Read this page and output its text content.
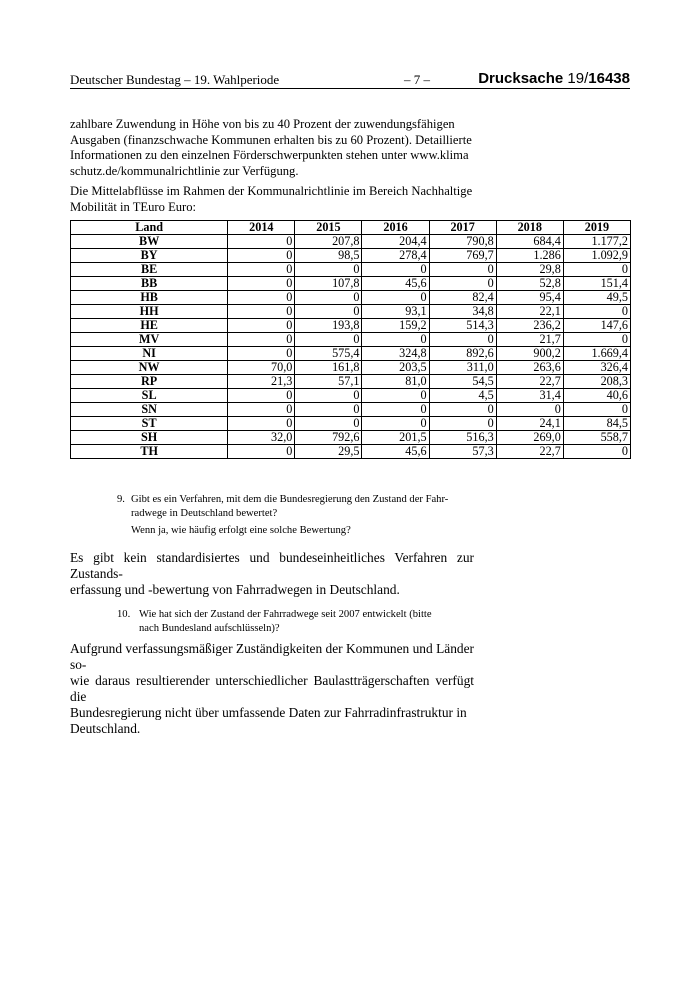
Deutscher Bundestag – 19. Wahlperiode	– 7 –	Drucksache 19/16438
zahlbare Zuwendung in Höhe von bis zu 40 Prozent der zuwendungsfähigen
Ausgaben (finanzschwache Kommunen erhalten bis zu 60 Prozent). Detaillierte
Informationen zu den einzelnen Förderschwerpunkten stehen unter www.klima
schutz.de/kommunalrichtlinie zur Verfügung.
Die Mittelabflüsse im Rahmen der Kommunalrichtlinie im Bereich Nachhaltige
Mobilität in TEuro Euro:
Land	2014	2015	2016	2017	2018	2019
BW	0	207,8	204,4	790,8	684,4	1.177,2
BY	0	98,5	278,4	769,7	1.286	1.092,9
BE	0	0	0	0	29,8	0
BB	0	107,8	45,6	0	52,8	151,4
HB	0	0	0	82,4	95,4	49,5
HH	0	0	93,1	34,8	22,1	0
HE	0	193,8	159,2	514,3	236,2	147,6
MV	0	0	0	0	21,7	0
NI	0	575,4	324,8	892,6	900,2	1.669,4
NW	70,0	161,8	203,5	311,0	263,6	326,4
RP	21,3	57,1	81,0	54,5	22,7	208,3
SL	0	0	0	4,5	31,4	40,6
SN	0	0	0	0	0	0
ST	0	0	0	0	24,1	84,5
SH	32,0	792,6	201,5	516,3	269,0	558,7
TH	0	29,5	45,6	57,3	22,7	0
9. Gibt es ein Verfahren, mit dem die Bundesregierung den Zustand der Fahr-
radwege in Deutschland bewertet?
Wenn ja, wie häufig erfolgt eine solche Bewertung?
Es gibt kein standardisiertes und bundeseinheitliches Verfahren zur Zustands-
erfassung und -bewertung von Fahrradwegen in Deutschland.
10. Wie hat sich der Zustand der Fahrradwege seit 2007 entwickelt (bitte
nach Bundesland aufschlüsseln)?
Aufgrund verfassungsmäßiger Zuständigkeiten der Kommunen und Länder so-
wie daraus resultierender unterschiedlicher Baulastträgerschaften verfügt die
Bundesregierung nicht über umfassende Daten zur Fahrradinfrastruktur in
Deutschland.
